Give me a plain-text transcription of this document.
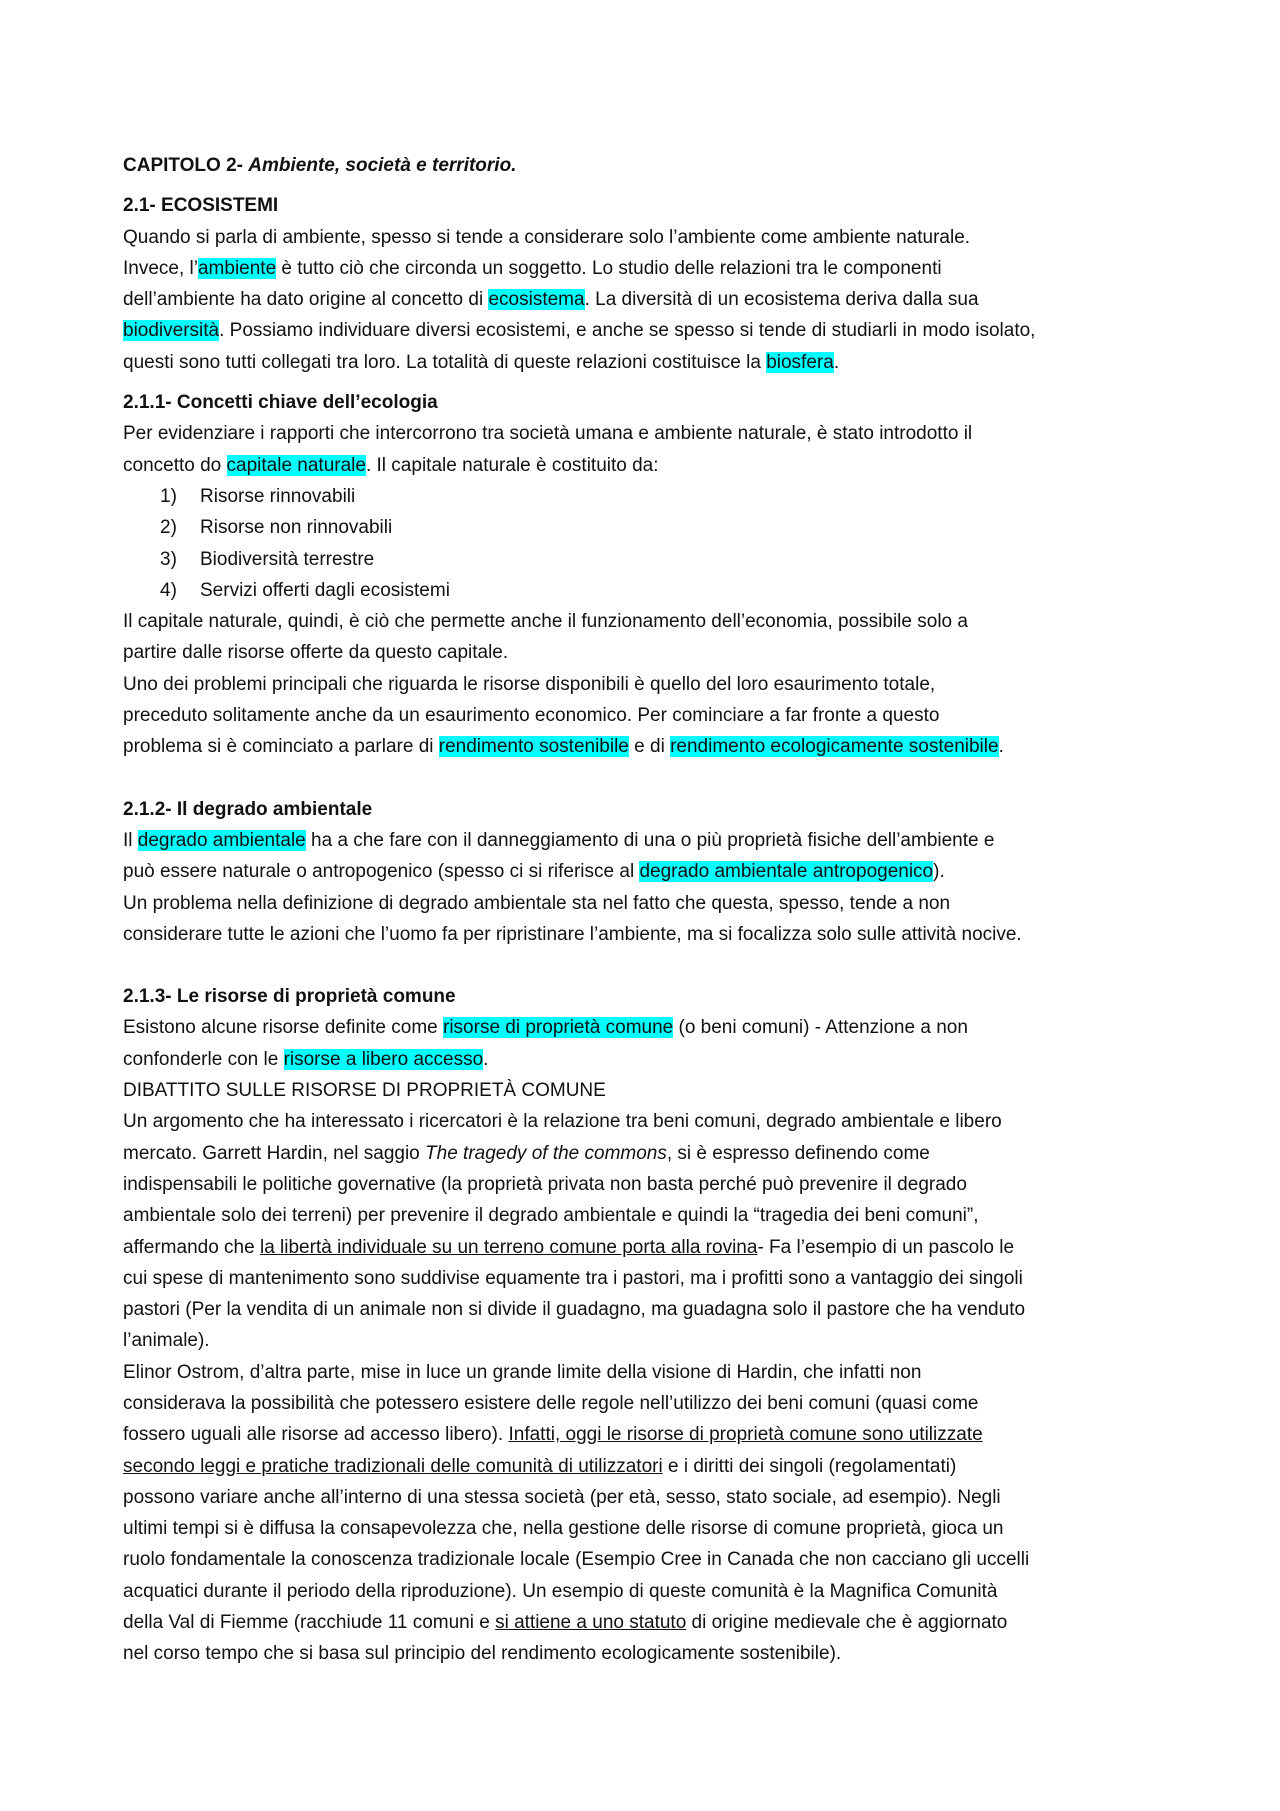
CAPITOLO 2- Ambiente, società e territorio.
2.1- ECOSISTEMI
Quando si parla di ambiente, spesso si tende a considerare solo l’ambiente come ambiente naturale.
Invece, l’ambiente è tutto ciò che circonda un soggetto. Lo studio delle relazioni tra le componenti
dell’ambiente ha dato origine al concetto di ecosistema. La diversità di un ecosistema deriva dalla sua
biodiversità. Possiamo individuare diversi ecosistemi, e anche se spesso si tende di studiarli in modo isolato,
questi sono tutti collegati tra loro. La totalità di queste relazioni costituisce la biosfera.
2.1.1- Concetti chiave dell’ecologia
Per evidenziare i rapporti che intercorrono tra società umana e ambiente naturale, è stato introdotto il
concetto do capitale naturale. Il capitale naturale è costituito da:
1) Risorse rinnovabili
2) Risorse non rinnovabili
3) Biodiversità terrestre
4) Servizi offerti dagli ecosistemi
Il capitale naturale, quindi, è ciò che permette anche il funzionamento dell’economia, possibile solo a
partire dalle risorse offerte da questo capitale.
Uno dei problemi principali che riguarda le risorse disponibili è quello del loro esaurimento totale,
preceduto solitamente anche da un esaurimento economico. Per cominciare a far fronte a questo
problema si è cominciato a parlare di rendimento sostenibile e di rendimento ecologicamente sostenibile.
2.1.2- Il degrado ambientale
Il degrado ambientale ha a che fare con il danneggiamento di una o più proprietà fisiche dell’ambiente e
può essere naturale o antropogenico (spesso ci si riferisce al degrado ambientale antropogenico).
Un problema nella definizione di degrado ambientale sta nel fatto che questa, spesso, tende a non
considerare tutte le azioni che l’uomo fa per ripristinare l’ambiente, ma si focalizza solo sulle attività nocive.
2.1.3- Le risorse di proprietà comune
Esistono alcune risorse definite come risorse di proprietà comune (o beni comuni) - Attenzione a non
confonderle con le risorse a libero accesso.
DIBATTITO SULLE RISORSE DI PROPRIETÀ COMUNE
Un argomento che ha interessato i ricercatori è la relazione tra beni comuni, degrado ambientale e libero
mercato. Garrett Hardin, nel saggio The tragedy of the commons, si è espresso definendo come
indispensabili le politiche governative (la proprietà privata non basta perché può prevenire il degrado
ambientale solo dei terreni) per prevenire il degrado ambientale e quindi la “tragedia dei beni comuni”,
affermando che la libertà individuale su un terreno comune porta alla rovina- Fa l’esempio di un pascolo le
cui spese di mantenimento sono suddivise equamente tra i pastori, ma i profitti sono a vantaggio dei singoli
pastori (Per la vendita di un animale non si divide il guadagno, ma guadagna solo il pastore che ha venduto
l’animale).
Elinor Ostrom, d’altra parte, mise in luce un grande limite della visione di Hardin, che infatti non
considerava la possibilità che potessero esistere delle regole nell’utilizzo dei beni comuni (quasi come
fossero uguali alle risorse ad accesso libero). Infatti, oggi le risorse di proprietà comune sono utilizzate
secondo leggi e pratiche tradizionali delle comunità di utilizzatori e i diritti dei singoli (regolamentati)
possono variare anche all’interno di una stessa società (per età, sesso, stato sociale, ad esempio). Negli
ultimi tempi si è diffusa la consapevolezza che, nella gestione delle risorse di comune proprietà, gioca un
ruolo fondamentale la conoscenza tradizionale locale (Esempio Cree in Canada che non cacciano gli uccelli
acquatici durante il periodo della riproduzione). Un esempio di queste comunità è la Magnifica Comunità
della Val di Fiemme (racchiude 11 comuni e si attiene a uno statuto di origine medievale che è aggiornato
nel corso tempo che si basa sul principio del rendimento ecologicamente sostenibile).
